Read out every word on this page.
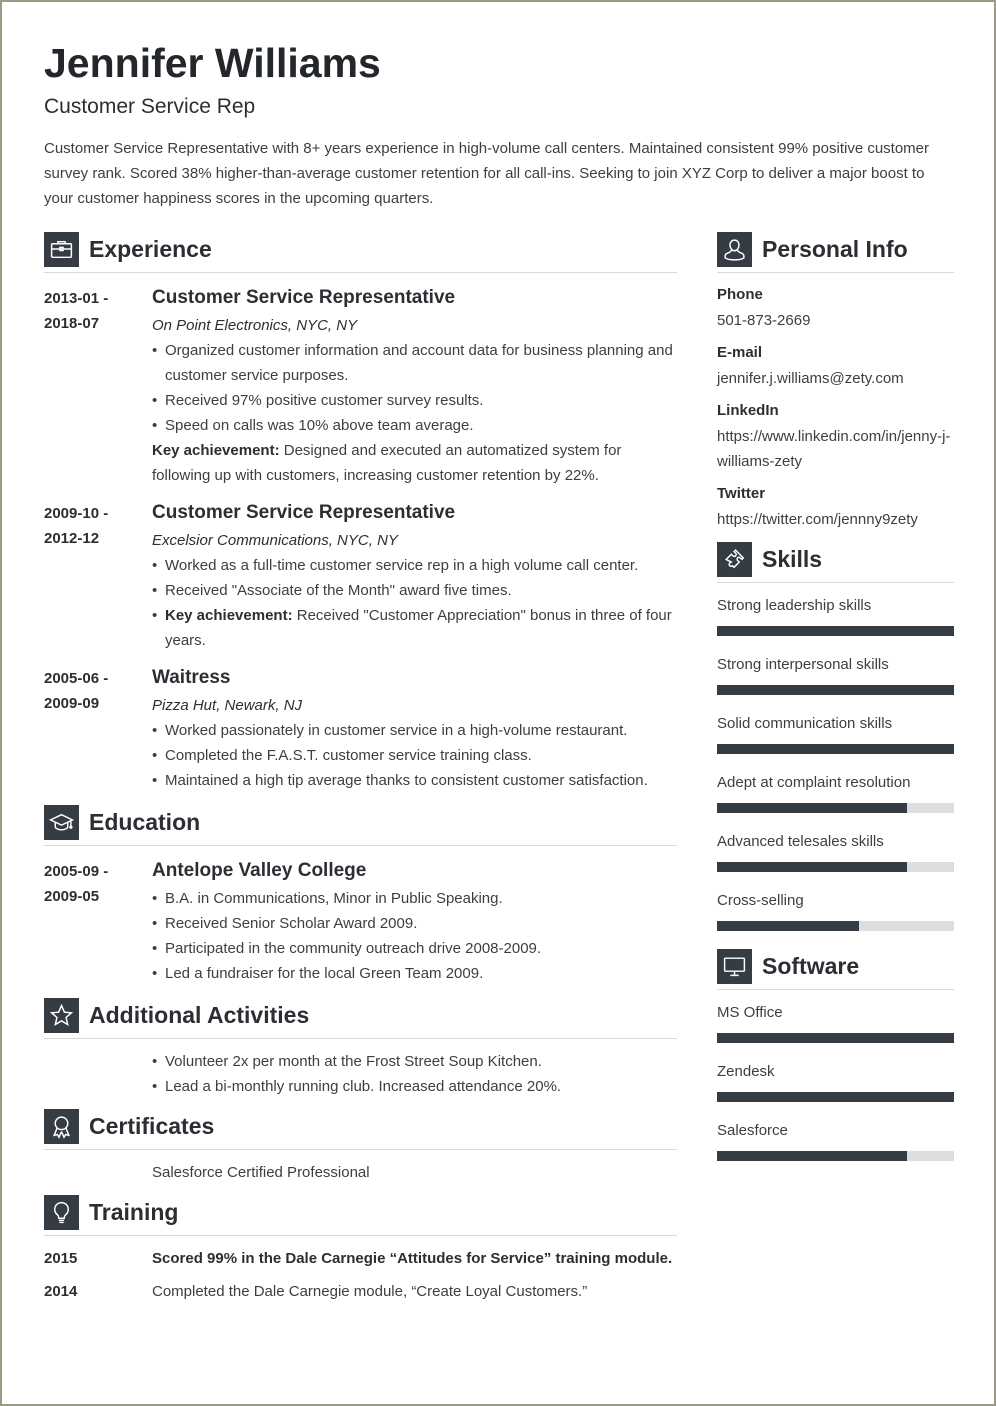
Jennifer Williams
Customer Service Rep

Customer Service Representative with 8+ years experience in high-volume call centers. Maintained consistent 99% positive customer survey rank. Scored 38% higher-than-average customer retention for all call-ins. Seeking to join XYZ Corp to deliver a major boost to your customer happiness scores in the upcoming quarters.

Experience
2013-01 -
2018-07
Customer Service Representative
On Point Electronics, NYC, NY
• Organized customer information and account data for business planning and customer service purposes.
• Received 97% positive customer survey results.
• Speed on calls was 10% above team average.
Key achievement: Designed and executed an automatized system for following up with customers, increasing customer retention by 22%.
2009-10 -
2012-12
Customer Service Representative
Excelsior Communications, NYC, NY
• Worked as a full-time customer service rep in a high volume call center.
• Received "Associate of the Month" award five times.
• Key achievement: Received "Customer Appreciation" bonus in three of four years.
2005-06 -
2009-09
Waitress
Pizza Hut, Newark, NJ
• Worked passionately in customer service in a high-volume restaurant.
• Completed the F.A.S.T. customer service training class.
• Maintained a high tip average thanks to consistent customer satisfaction.
Education
2005-09 -
2009-05
Antelope Valley College
• B.A. in Communications, Minor in Public Speaking.
• Received Senior Scholar Award 2009.
• Participated in the community outreach drive 2008-2009.
• Led a fundraiser for the local Green Team 2009.
Additional Activities
• Volunteer 2x per month at the Frost Street Soup Kitchen.
• Lead a bi-monthly running club. Increased attendance 20%.
Certificates
Salesforce Certified Professional
Training
2015	Scored 99% in the Dale Carnegie “Attitudes for Service” training module.
2014	Completed the Dale Carnegie module, “Create Loyal Customers.”
Personal Info
Phone
501-873-2669
E-mail
jennifer.j.williams@zety.com
LinkedIn
https://www.linkedin.com/in/jenny-j-williams-zety
Twitter
https://twitter.com/jennny9zety
Skills
Strong leadership skills
Strong interpersonal skills
Solid communication skills
Adept at complaint resolution
Advanced telesales skills
Cross-selling
Software
MS Office
Zendesk
Salesforce
